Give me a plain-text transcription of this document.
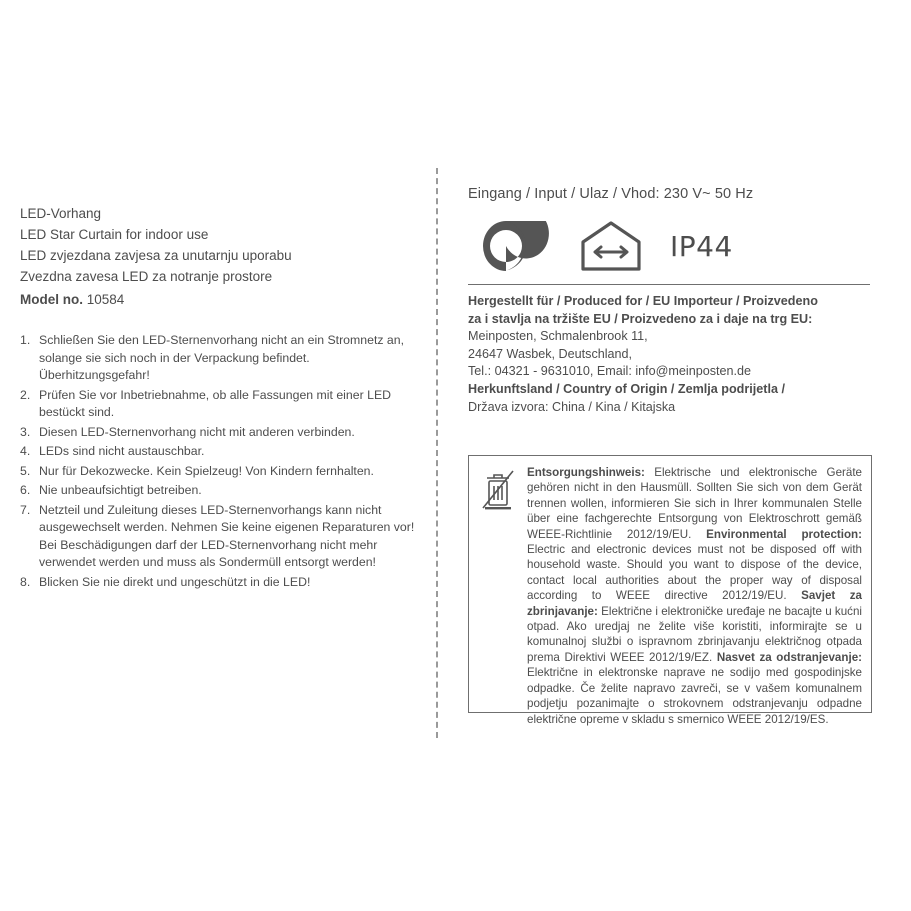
LED-Vorhang
LED Star Curtain for indoor use
LED zvjezdana zavjesa za unutarnju uporabu
Zvezdna zavesa LED za notranje prostore
Model no. 10584
1. Schließen Sie den LED-Sternenvorhang nicht an ein Stromnetz an, solange sie sich noch in der Verpackung befindet. Überhitzungsgefahr!
2. Prüfen Sie vor Inbetriebnahme, ob alle Fassungen mit einer LED bestückt sind.
3. Diesen LED-Sternenvorhang nicht mit anderen verbinden.
4. LEDs sind nicht austauschbar.
5. Nur für Dekozwecke. Kein Spielzeug! Von Kindern fernhalten.
6. Nie unbeaufsichtigt betreiben.
7. Netzteil und Zuleitung dieses LED-Sternenvorhangs kann nicht ausgewechselt werden. Nehmen Sie keine eigenen Reparaturen vor! Bei Beschädigungen darf der LED-Sternenvorhang nicht mehr verwendet werden und muss als Sondermüll entsorgt werden!
8. Blicken Sie nie direkt und ungeschützt in die LED!
Eingang / Input / Ulaz / Vhod: 230 V~ 50 Hz
IP44
Hergestellt für / Produced for / EU Importeur / Proizvedeno
za i stavlja na tržište EU / Proizvedeno za i daje na trg EU:
Meinposten, Schmalenbrook 11,
24647 Wasbek, Deutschland,
Tel.: 04321 - 9631010, Email: info@meinposten.de
Herkunftsland / Country of Origin / Zemlja podrijetla /
Država izvora: China / Kina / Kitajska
Entsorgungshinweis: Elektrische und elektronische Geräte gehören nicht in den Hausmüll. Sollten Sie sich von dem Gerät trennen wollen, informieren Sie sich in Ihrer kommunalen Stelle über eine fachgerechte Entsorgung von Elektroschrott gemäß WEEE-Richtlinie 2012/19/EU. Environmental protection: Electric and electronic devices must not be disposed off with household waste. Should you want to dispose of the device, contact local authorities about the proper way of disposal according to WEEE directive 2012/19/EU. Savjet za zbrinjavanje: Električne i elektroničke uređaje ne bacajte u kućni otpad. Ako uredjaj ne želite više koristiti, informirajte se u komunalnoj službi o ispravnom zbrinjavanju električnog otpada prema Direktivi WEEE 2012/19/EZ. Nasvet za odstranjevanje: Električne in elektronske naprave ne sodijo med gospodinjske odpadke. Če želite napravo zavreči, se v vašem komunalnem podjetju pozanimajte o strokovnem odstranjevanju odpadne električne opreme v skladu s smernico WEEE 2012/19/ES.
